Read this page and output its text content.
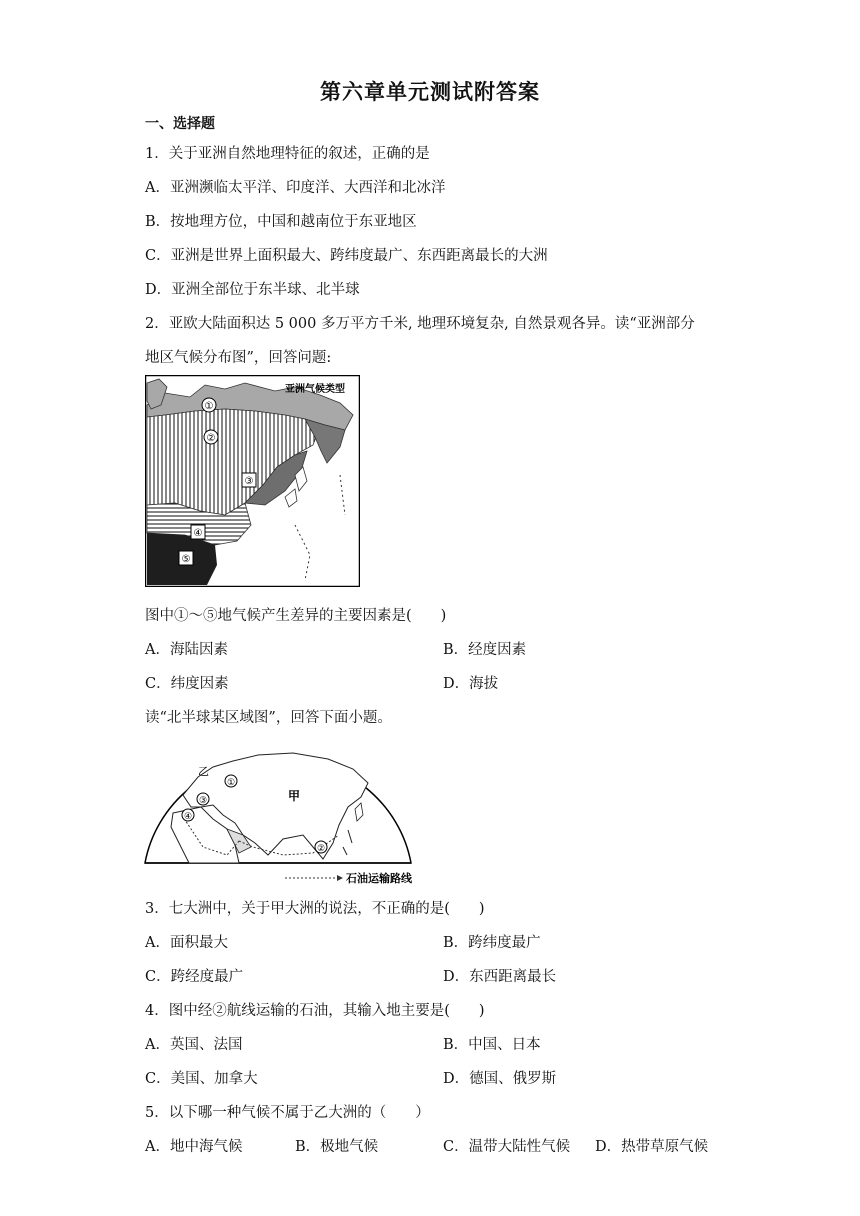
第六章单元测试附答案
一、选择题
1．关于亚洲自然地理特征的叙述，正确的是
A．亚洲濒临太平洋、印度洋、大西洋和北冰洋
B．按地理方位，中国和越南位于东亚地区
C．亚洲是世界上面积最大、跨纬度最广、东西距离最长的大洲
D．亚洲全部位于东半球、北半球
2．亚欧大陆面积达 5 000 多万平方千米, 地理环境复杂, 自然景观各异。读“亚洲部分
地区气候分布图”，回答问题:
亚洲气候类型
①
②
③
④
⑤
图中①～⑤地气候产生差异的主要因素是(　　)
A．海陆因素	B．经度因素
C．纬度因素	D．海拔
读“北半球某区域图”，回答下面小题。
乙
①
②
③
④
甲
石油运输路线
3．七大洲中，关于甲大洲的说法，不正确的是(　　)
A．面积最大	B．跨纬度最广
C．跨经度最广	D．东西距离最长
4．图中经②航线运输的石油，其输入地主要是(　　)
A．英国、法国	B．中国、日本
C．美国、加拿大	D．德国、俄罗斯
5．以下哪一种气候不属于乙大洲的（　　）
A．地中海气候	B．极地气候	C．温带大陆性气候 D．热带草原气候
